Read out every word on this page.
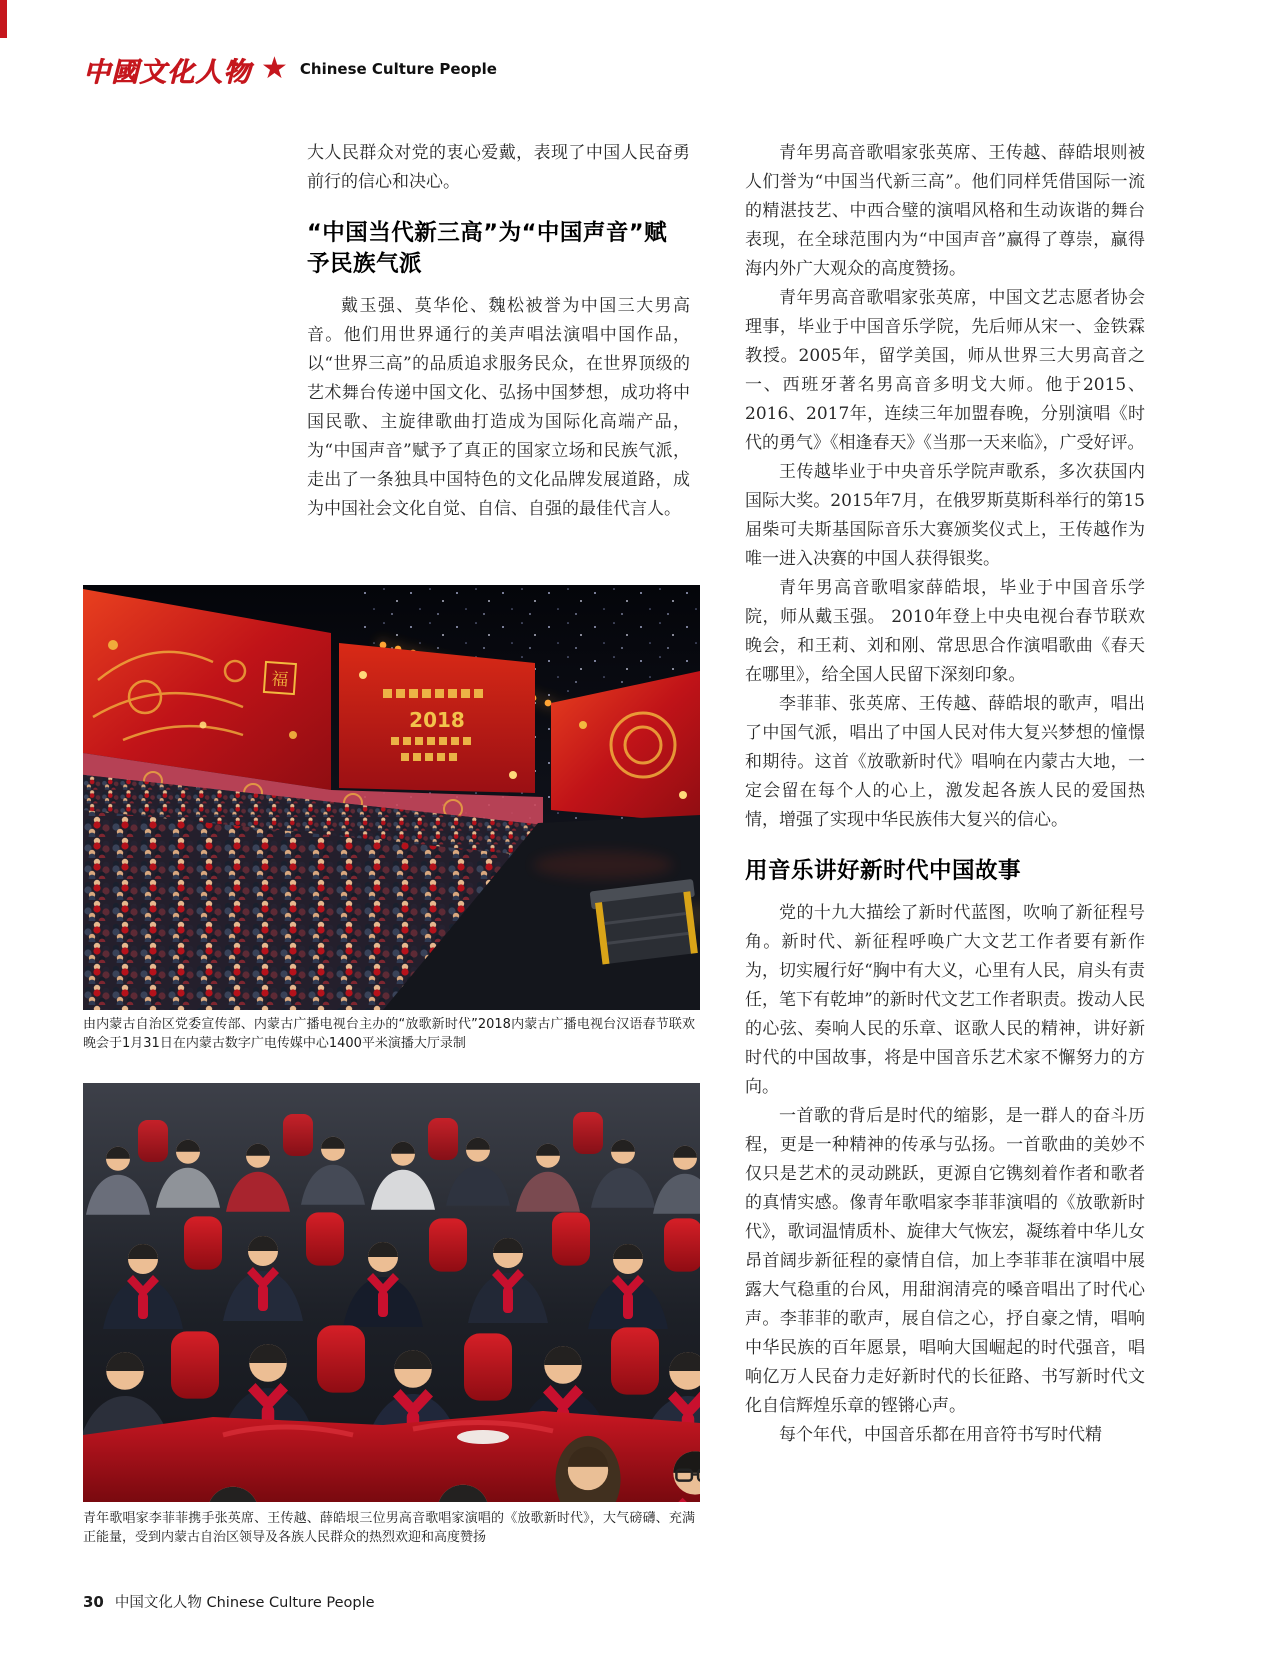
中國文化人物 ★ Chinese Culture People

大人民群众对党的衷心爱戴，表现了中国人民奋勇前行的信心和决心。

“中国当代新三高”为“中国声音”赋予民族气派

戴玉强、莫华伦、魏松被誉为中国三大男高音。他们用世界通行的美声唱法演唱中国作品，以“世界三高”的品质追求服务民众，在世界顶级的艺术舞台传递中国文化、弘扬中国梦想，成功将中国民歌、主旋律歌曲打造成为国际化高端产品，为“中国声音”赋予了真正的国家立场和民族气派，走出了一条独具中国特色的文化品牌发展道路，成为中国社会文化自觉、自信、自强的最佳代言人。

福
2018
由内蒙古自治区党委宣传部、内蒙古广播电视台主办的“放歌新时代”2018内蒙古广播电视台汉语春节联欢晚会于1月31日在内蒙古数字广电传媒中心1400平米演播大厅录制
青年歌唱家李菲菲携手张英席、王传越、薛皓垠三位男高音歌唱家演唱的《放歌新时代》，大气磅礴、充满正能量，受到内蒙古自治区领导及各族人民群众的热烈欢迎和高度赞扬

青年男高音歌唱家张英席、王传越、薛皓垠则被人们誉为“中国当代新三高”。他们同样凭借国际一流的精湛技艺、中西合璧的演唱风格和生动诙谐的舞台表现，在全球范围内为“中国声音”赢得了尊崇，赢得海内外广大观众的高度赞扬。

青年男高音歌唱家张英席，中国文艺志愿者协会理事，毕业于中国音乐学院，先后师从宋一、金铁霖教授。2005年，留学美国，师从世界三大男高音之一、西班牙著名男高音多明戈大师。他于2015、2016、2017年，连续三年加盟春晚，分别演唱《时代的勇气》《相逢春天》《当那一天来临》，广受好评。

王传越毕业于中央音乐学院声歌系，多次获国内国际大奖。2015年7月，在俄罗斯莫斯科举行的第15届柴可夫斯基国际音乐大赛颁奖仪式上，王传越作为唯一进入决赛的中国人获得银奖。

青年男高音歌唱家薛皓垠，毕业于中国音乐学院，师从戴玉强。 2010年登上中央电视台春节联欢晚会，和王莉、刘和刚、常思思合作演唱歌曲《春天在哪里》，给全国人民留下深刻印象。

李菲菲、张英席、王传越、薛皓垠的歌声，唱出了中国气派，唱出了中国人民对伟大复兴梦想的憧憬和期待。这首《放歌新时代》唱响在内蒙古大地，一定会留在每个人的心上，激发起各族人民的爱国热情，增强了实现中华民族伟大复兴的信心。

用音乐讲好新时代中国故事

党的十九大描绘了新时代蓝图，吹响了新征程号角。新时代、新征程呼唤广大文艺工作者要有新作为，切实履行好“胸中有大义，心里有人民，肩头有责任，笔下有乾坤”的新时代文艺工作者职责。拨动人民的心弦、奏响人民的乐章、讴歌人民的精神，讲好新时代的中国故事，将是中国音乐艺术家不懈努力的方向。

一首歌的背后是时代的缩影，是一群人的奋斗历程，更是一种精神的传承与弘扬。一首歌曲的美妙不仅只是艺术的灵动跳跃，更源自它镌刻着作者和歌者的真情实感。像青年歌唱家李菲菲演唱的《放歌新时代》，歌词温情质朴、旋律大气恢宏，凝练着中华儿女昂首阔步新征程的豪情自信，加上李菲菲在演唱中展露大气稳重的台风，用甜润清亮的嗓音唱出了时代心声。李菲菲的歌声，展自信之心，抒自豪之情，唱响中华民族的百年愿景，唱响大国崛起的时代强音，唱响亿万人民奋力走好新时代的长征路、书写新时代文化自信辉煌乐章的铿锵心声。

每个年代，中国音乐都在用音符书写时代精

30 中国文化人物 Chinese Culture People
